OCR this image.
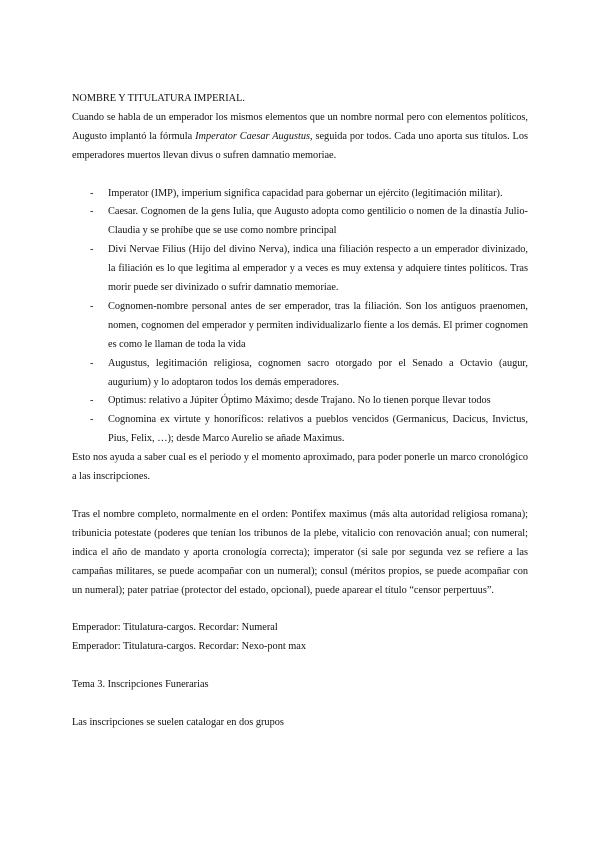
NOMBRE Y TITULATURA IMPERIAL.

Cuando se habla de un emperador los mismos elementos que un nombre normal pero con elementos políticos, Augusto implantó la fórmula Imperator Caesar Augustus, seguida por todos. Cada uno aporta sus títulos. Los emperadores muertos llevan divus o sufren damnatio memoriae.

- Imperator (IMP), imperium significa capacidad para gobernar un ejército (legitimación militar).
- Caesar. Cognomen de la gens Iulia, que Augusto adopta como gentilicio o nomen de la dinastía Julio-Claudia y se prohíbe que se use como nombre principal
- Divi Nervae Filius (Hijo del divino Nerva), indica una filiación respecto a un emperador divinizado, la filiación es lo que legitima al emperador y a veces es muy extensa y adquiere tintes políticos. Tras morir puede ser divinizado o sufrir damnatio memoriae.
- Cognomen-nombre personal antes de ser emperador, tras la filiación. Son los antiguos praenomen, nomen, cognomen del emperador y permiten individualizarlo fiente a los demás. El primer cognomen es como le llaman de toda la vida
- Augustus, legitimación religiosa, cognomen sacro otorgado por el Senado a Octavio (augur, augurium) y lo adoptaron todos los demás emperadores.
- Optimus: relativo a Júpiter Óptimo Máximo; desde Trajano. No lo tienen porque llevar todos
- Cognomina ex virtute y honoríficos: relativos a pueblos vencidos (Germanicus, Dacicus, Invictus, Pius, Felix, …); desde Marco Aurelio se añade Maximus.

Esto nos ayuda a saber cual es el periodo y el momento aproximado, para poder ponerle un marco cronológico a las inscripciones.

Tras el nombre completo, normalmente en el orden: Pontifex maximus (más alta autoridad religiosa romana); tribunicia potestate (poderes que tenían los tribunos de la plebe, vitalicio con renovación anual; con numeral; indica el año de mandato y aporta cronología correcta); imperator (si sale por segunda vez se refiere a las campañas militares, se puede acompañar con un numeral); consul (méritos propios, se puede acompañar con un numeral); pater patriae (protector del estado, opcional), puede aparear el título “censor perpertuus”.

Emperador: Titulatura-cargos. Recordar: Numeral

Emperador: Titulatura-cargos. Recordar: Nexo-pont max

Tema 3. Inscripciones Funerarias

Las inscripciones se suelen catalogar en dos grupos
